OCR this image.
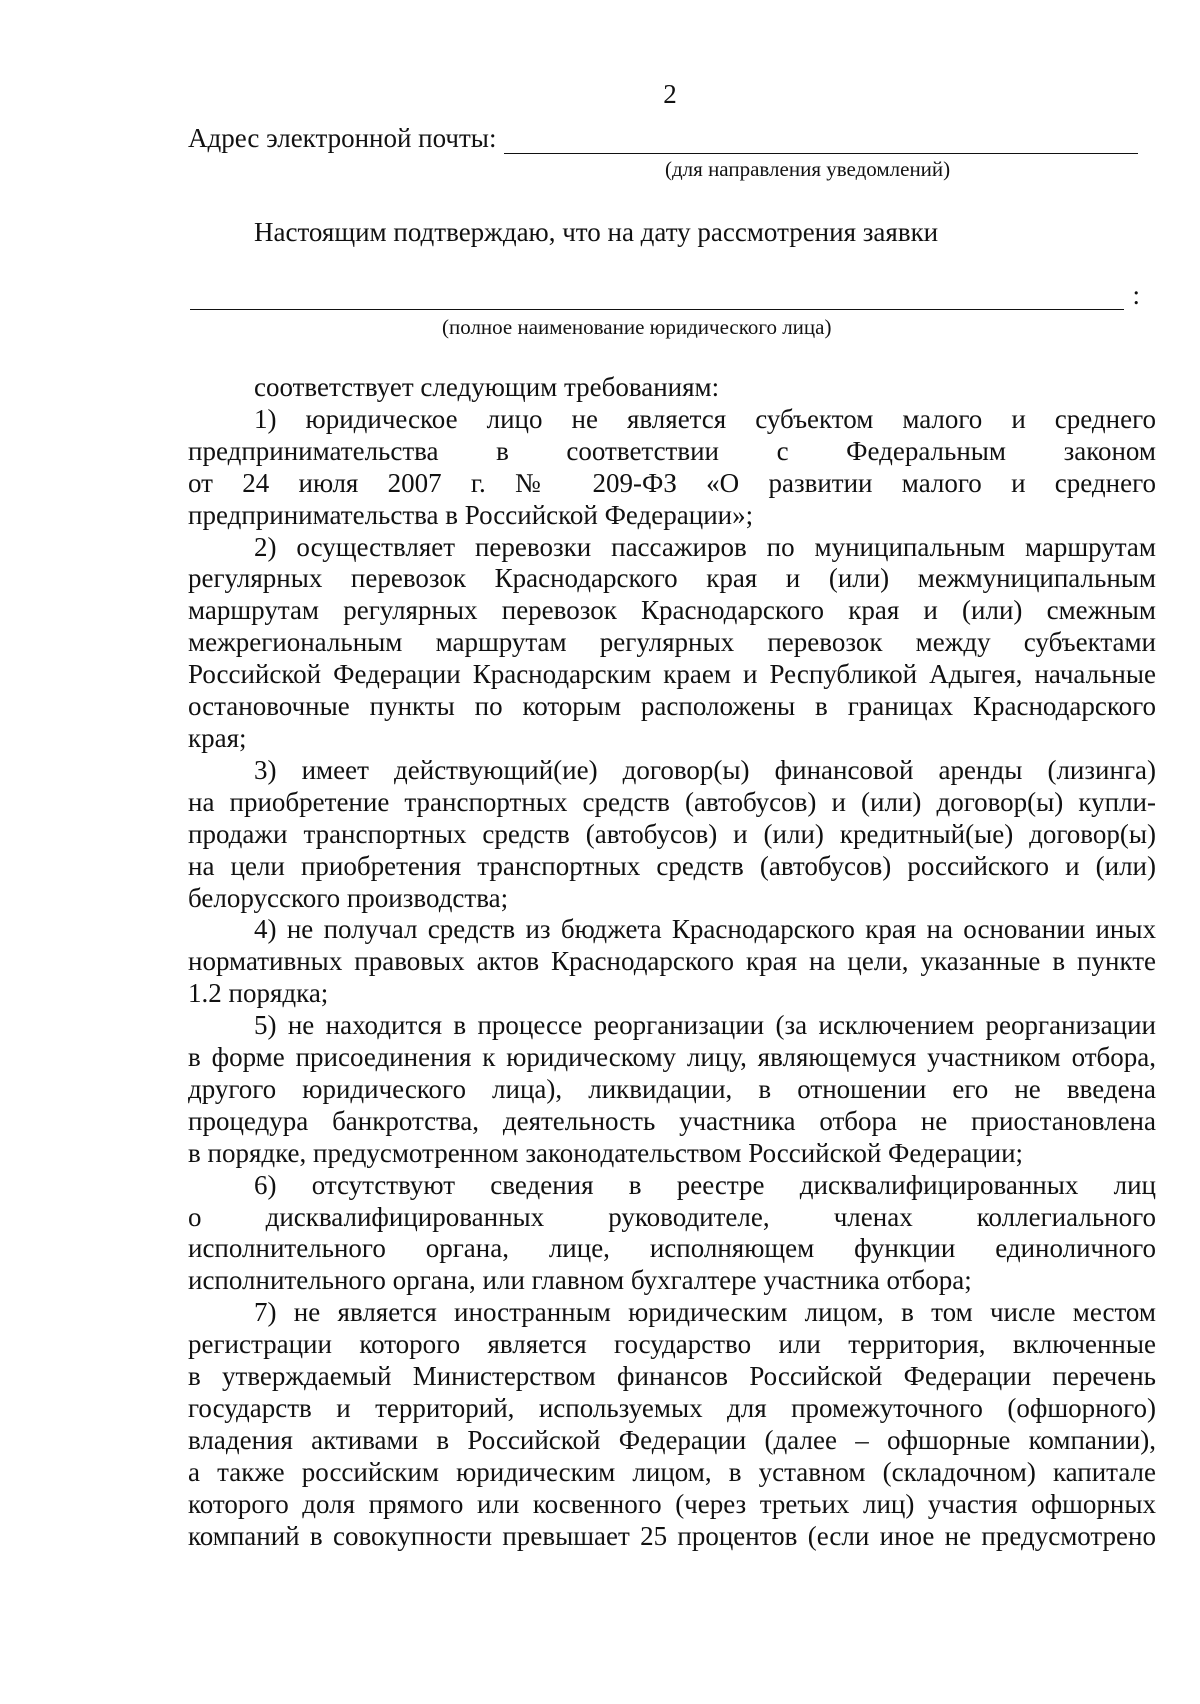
2
Адрес электронной почты:
(для направления уведомлений)
Настоящим подтверждаю, что на дату рассмотрения заявки
:
(полное наименование юридического лица)

соответствует следующим требованиям:

1) юридическое лицо не является субъектом малого и среднего
предпринимательства в соответствии с Федеральным законом
от 24 июля 2007 г. № 209-ФЗ «О развитии малого и среднего
предпринимательства в Российской Федерации»;
2) осуществляет перевозки пассажиров по муниципальным маршрутам
регулярных перевозок Краснодарского края и (или) межмуниципальным
маршрутам регулярных перевозок Краснодарского края и (или) смежным
межрегиональным маршрутам регулярных перевозок между субъектами
Российской Федерации Краснодарским краем и Республикой Адыгея, начальные
остановочные пункты по которым расположены в границах Краснодарского
края;
3) имеет действующий(ие) договор(ы) финансовой аренды (лизинга)
на приобретение транспортных средств (автобусов) и (или) договор(ы) купли-
продажи транспортных средств (автобусов) и (или) кредитный(ые) договор(ы)
на цели приобретения транспортных средств (автобусов) российского и (или)
белорусского производства;
4) не получал средств из бюджета Краснодарского края на основании иных
нормативных правовых актов Краснодарского края на цели, указанные в пункте
1.2 порядка;
5) не находится в процессе реорганизации (за исключением реорганизации
в форме присоединения к юридическому лицу, являющемуся участником отбора,
другого юридического лица), ликвидации, в отношении его не введена
процедура банкротства, деятельность участника отбора не приостановлена
в порядке, предусмотренном законодательством Российской Федерации;
6) отсутствуют сведения в реестре дисквалифицированных лиц
о дисквалифицированных руководителе, членах коллегиального
исполнительного органа, лице, исполняющем функции единоличного
исполнительного органа, или главном бухгалтере участника отбора;
7) не является иностранным юридическим лицом, в том числе местом
регистрации которого является государство или территория, включенные
в утверждаемый Министерством финансов Российской Федерации перечень
государств и территорий, используемых для промежуточного (офшорного)
владения активами в Российской Федерации (далее – офшорные компании),
а также российским юридическим лицом, в уставном (складочном) капитале
которого доля прямого или косвенного (через третьих лиц) участия офшорных
компаний в совокупности превышает 25 процентов (если иное не предусмотрено
